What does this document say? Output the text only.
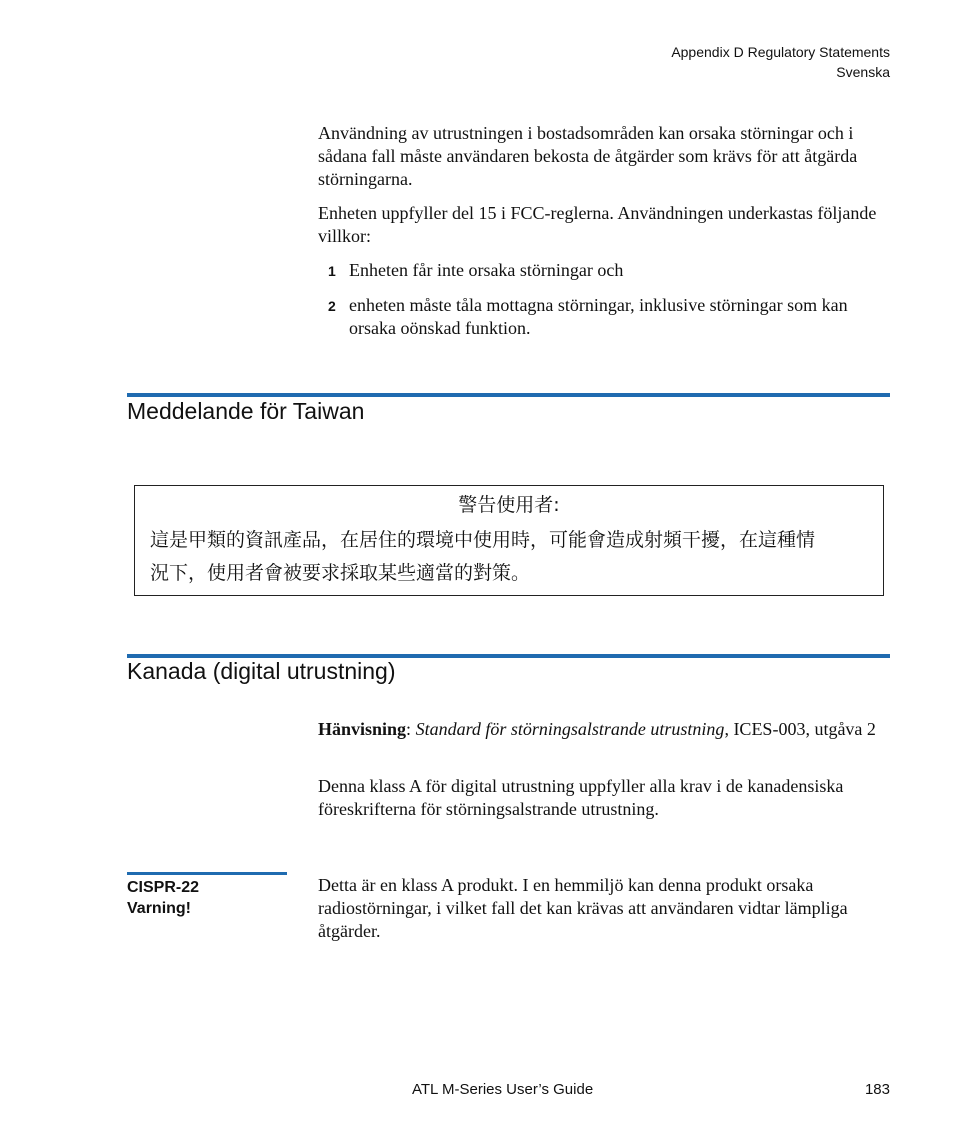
Appendix D Regulatory Statements
Svenska

Användning av utrustningen i bostadsområden kan orsaka störningar och i sådana fall måste användaren bekosta de åtgärder som krävs för att åtgärda störningarna.

Enheten uppfyller del 15 i FCC-reglerna. Användningen underkastas följande villkor:

1 Enheten får inte orsaka störningar och

2 enheten måste tåla mottagna störningar, inklusive störningar som kan orsaka oönskad funktion.

Meddelande för Taiwan
警告使用者:
這是甲類的資訊產品，在居住的環境中使用時，可能會造成射頻干擾，在這種情
況下，使用者會被要求採取某些適當的對策。
Kanada (digital utrustning)

Hänvisning: Standard för störningsalstrande utrustning, ICES-003, utgåva 2

Denna klass A för digital utrustning uppfyller alla krav i de kanadensiska föreskrifterna för störningsalstrande utrustning.

CISPR-22
Varning!

Detta är en klass A produkt. I en hemmiljö kan denna produkt orsaka radiostörningar, i vilket fall det kan krävas att användaren vidtar lämpliga åtgärder.

ATL M-Series User’s Guide	183
